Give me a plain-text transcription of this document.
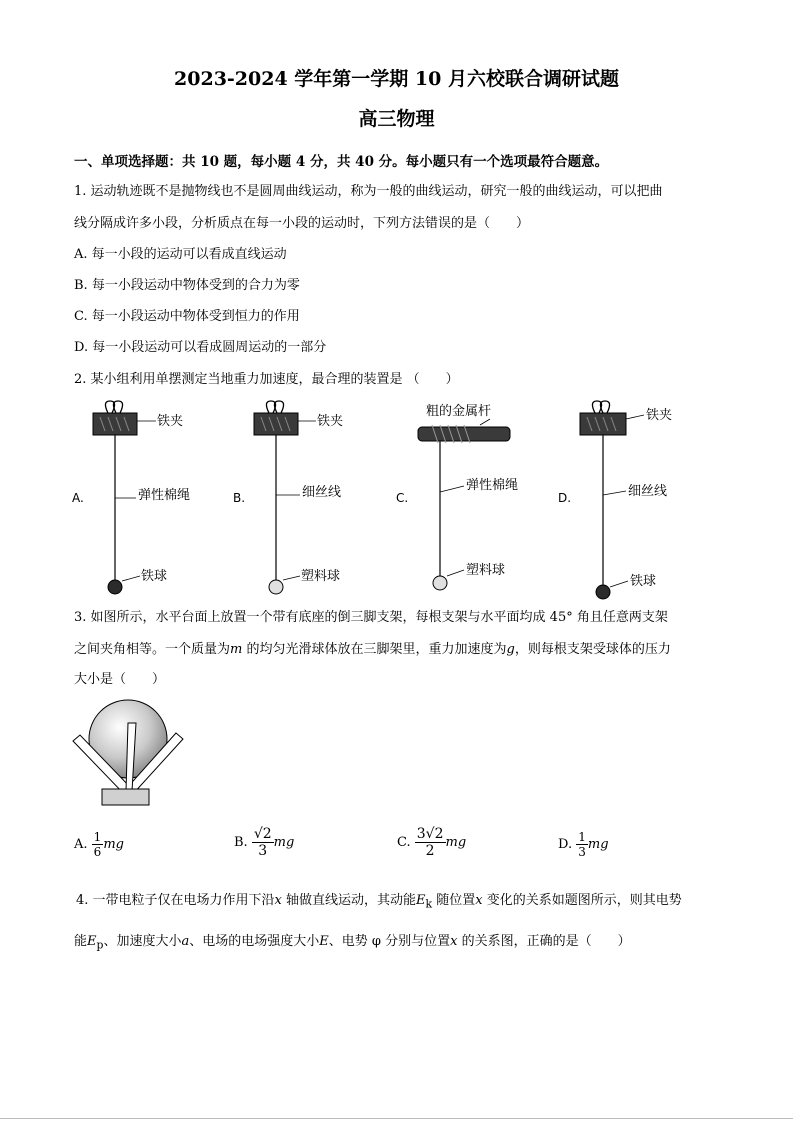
2023-2024 学年第一学期 10 月六校联合调研试题
高三物理
一、单项选择题：共 10 题，每小题 4 分，共 40 分。每小题只有一个选项最符合题意。
1. 运动轨迹既不是抛物线也不是圆周曲线运动，称为一般的曲线运动，研究一般的曲线运动，可以把曲
线分隔成许多小段，分析质点在每一小段的运动时，下列方法错误的是（　　）
A. 每一小段的运动可以看成直线运动
B. 每一小段运动中物体受到的合力为零
C. 每一小段运动中物体受到恒力的作用
D. 每一小段运动可以看成圆周运动的一部分
2. 某小组利用单摆测定当地重力加速度，最合理的装置是 （　　）
A.
铁夹
弹性棉绳
铁球
B.
铁夹
细丝线
塑料球
C.
粗的金属杆
弹性棉绳
塑料球
D.
铁夹
细丝线
铁球
3. 如图所示，水平台面上放置一个带有底座的倒三脚支架，每根支架与水平面均成 45° 角且任意两支架
之间夹角相等。一个质量为m 的均匀光滑球体放在三脚架里，重力加速度为g，则每根支架受球体的压力
大小是（　　）
A. $\frac{1}{6}$ mg	B. $\frac{√2}{3}$ mg	C. $\frac{3√2}{2}$ mg	D. $\frac{1}{3}$ mg
4. 一带电粒子仅在电场力作用下沿x 轴做直线运动，其动能$E_k$ 随位置x 变化的关系如题图所示，则其电势
能$E_p$、加速度大小a、电场的电场强度大小E、电势 φ 分别与位置x 的关系图，正确的是（　　）
